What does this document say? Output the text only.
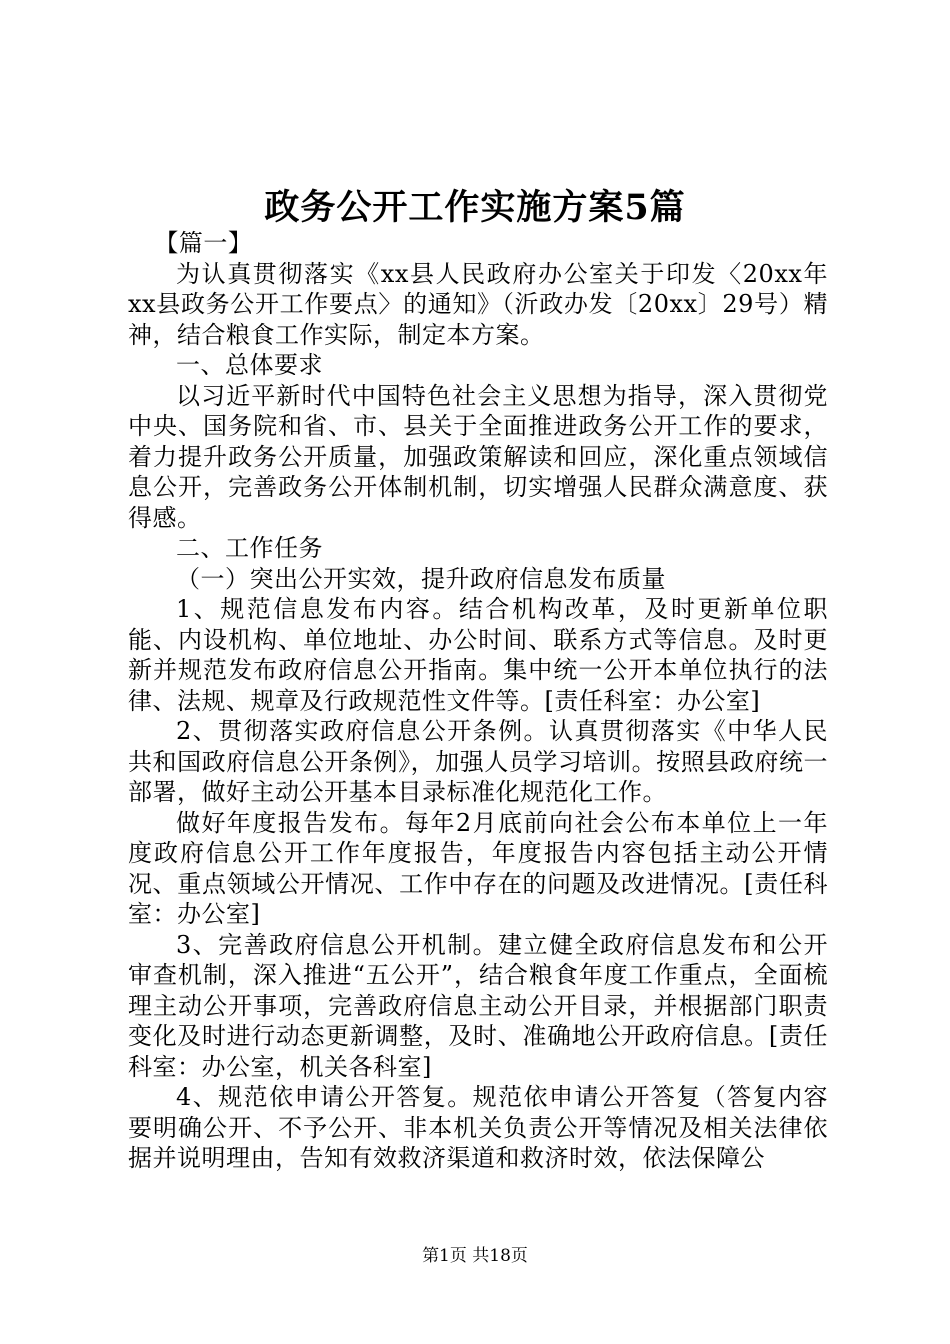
政务公开工作实施方案5篇

【篇一】

为认真贯彻落实《xx县人民政府办公室关于印发〈20xx年xx县政务公开工作要点〉的通知》（沂政办发〔20xx〕29号）精神，结合粮食工作实际，制定本方案。

一、总体要求

以习近平新时代中国特色社会主义思想为指导，深入贯彻党中央、国务院和省、市、县关于全面推进政务公开工作的要求，着力提升政务公开质量，加强政策解读和回应，深化重点领域信息公开，完善政务公开体制机制，切实增强人民群众满意度、获得感。

二、工作任务

（一）突出公开实效，提升政府信息发布质量

1、规范信息发布内容。结合机构改革，及时更新单位职能、内设机构、单位地址、办公时间、联系方式等信息。及时更新并规范发布政府信息公开指南。集中统一公开本单位执行的法律、法规、规章及行政规范性文件等。[责任科室：办公室]

2、贯彻落实政府信息公开条例。认真贯彻落实《中华人民共和国政府信息公开条例》，加强人员学习培训。按照县政府统一部署，做好主动公开基本目录标准化规范化工作。

做好年度报告发布。每年2月底前向社会公布本单位上一年度政府信息公开工作年度报告，年度报告内容包括主动公开情况、重点领域公开情况、工作中存在的问题及改进情况。[责任科室：办公室]

3、完善政府信息公开机制。建立健全政府信息发布和公开审查机制，深入推进“五公开”，结合粮食年度工作重点，全面梳理主动公开事项，完善政府信息主动公开目录，并根据部门职责变化及时进行动态更新调整，及时、准确地公开政府信息。[责任科室：办公室，机关各科室]

4、规范依申请公开答复。规范依申请公开答复（答复内容要明确公开、不予公开、非本机关负责公开等情况及相关法律依据并说明理由，告知有效救济渠道和救济时效，依法保障公

第1页 共18页
